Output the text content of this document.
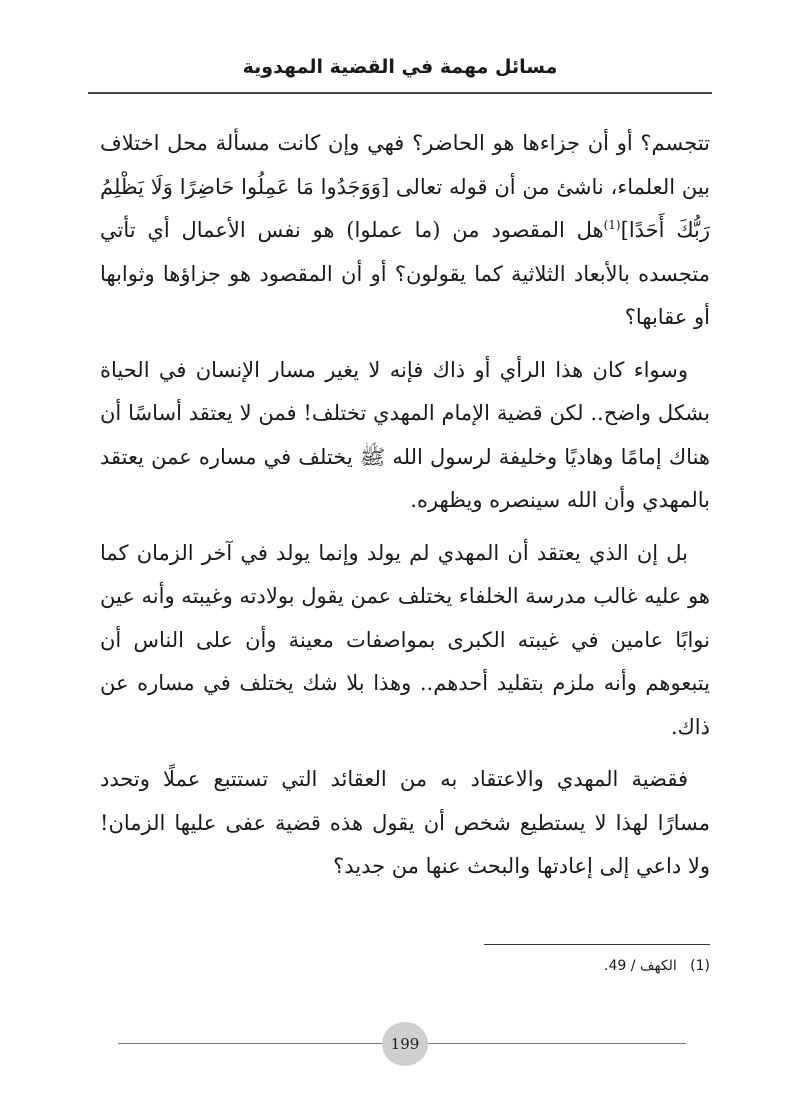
مسائل مهمة في القضية المهدوية

تتجسم؟ أو أن جزاءها هو الحاضر؟ فهي وإن كانت مسألة محل اختلاف بين العلماء، ناشئ من أن قوله تعالى [وَوَجَدُوا مَا عَمِلُوا حَاضِرًا وَلَا يَظْلِمُ رَبُّكَ أَحَدًا]$^{(1)}$هل المقصود من (ما عملوا) هو نفس الأعمال أي تأتي متجسده بالأبعاد الثلاثية كما يقولون؟ أو أن المقصود هو جزاؤها وثوابها أو عقابها؟

وسواء كان هذا الرأي أو ذاك فإنه لا يغير مسار الإنسان في الحياة بشكل واضح.. لكن قضية الإمام المهدي تختلف! فمن لا يعتقد أساسًا أن هناك إمامًا وهاديًا وخليفة لرسول الله ﷺ يختلف في مساره عمن يعتقد بالمهدي وأن الله سينصره ويظهره.

بل إن الذي يعتقد أن المهدي لم يولد وإنما يولد في آخر الزمان كما هو عليه غالب مدرسة الخلفاء يختلف عمن يقول بولادته وغيبته وأنه عين نوابًا عامين في غيبته الكبرى بمواصفات معينة وأن على الناس أن يتبعوهم وأنه ملزم بتقليد أحدهم.. وهذا بلا شك يختلف في مساره عن ذاك.

فقضية المهدي والاعتقاد به من العقائد التي تستتبع عملًا وتحدد مسارًا لهذا لا يستطيع شخص أن يقول هذه قضية عفى عليها الزمان! ولا داعي إلى إعادتها والبحث عنها من جديد؟

(1)   الكهف / 49.
199
